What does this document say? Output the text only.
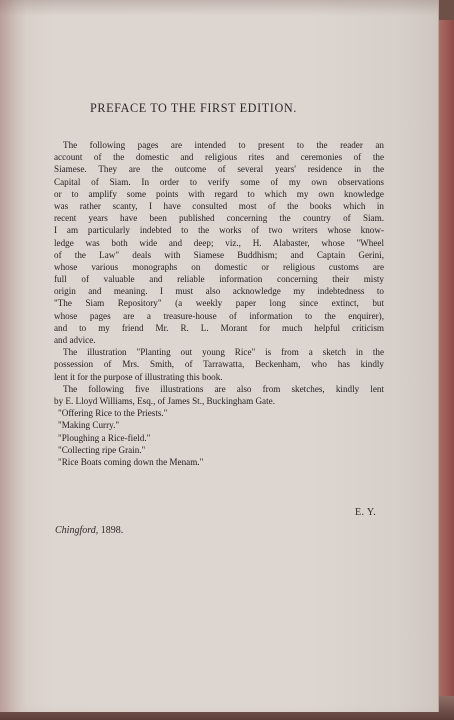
PREFACE TO THE FIRST EDITION.
The following pages are intended to present to the reader an
account of the domestic and religious rites and ceremonies of the
Siamese. They are the outcome of several years' residence in the
Capital of Siam. In order to verify some of my own observations
or to amplify some points with regard to which my own knowledge
was rather scanty, I have consulted most of the books which in
recent years have been published concerning the country of Siam.
I am particularly indebted to the works of two writers whose know-
ledge was both wide and deep; viz., H. Alabaster, whose "Wheel
of the Law" deals with Siamese Buddhism; and Captain Gerini,
whose various monographs on domestic or religious customs are
full of valuable and reliable information concerning their misty
origin and meaning. I must also acknowledge my indebtedness to
"The Siam Repository" (a weekly paper long since extinct, but
whose pages are a treasure-house of information to the enquirer),
and to my friend Mr. R. L. Morant for much helpful criticism
and advice.
The illustration "Planting out young Rice" is from a sketch in the
possession of Mrs. Smith, of Tarrawatta, Beckenham, who has kindly
lent it for the purpose of illustrating this book.
The following five illustrations are also from sketches, kindly lent
by E. Lloyd Williams, Esq., of James St., Buckingham Gate.
"Offering Rice to the Priests."
"Making Curry."
"Ploughing a Rice-field."
"Collecting ripe Grain."
"Rice Boats coming down the Menam."
E. Y.
Chingford, 1898.
